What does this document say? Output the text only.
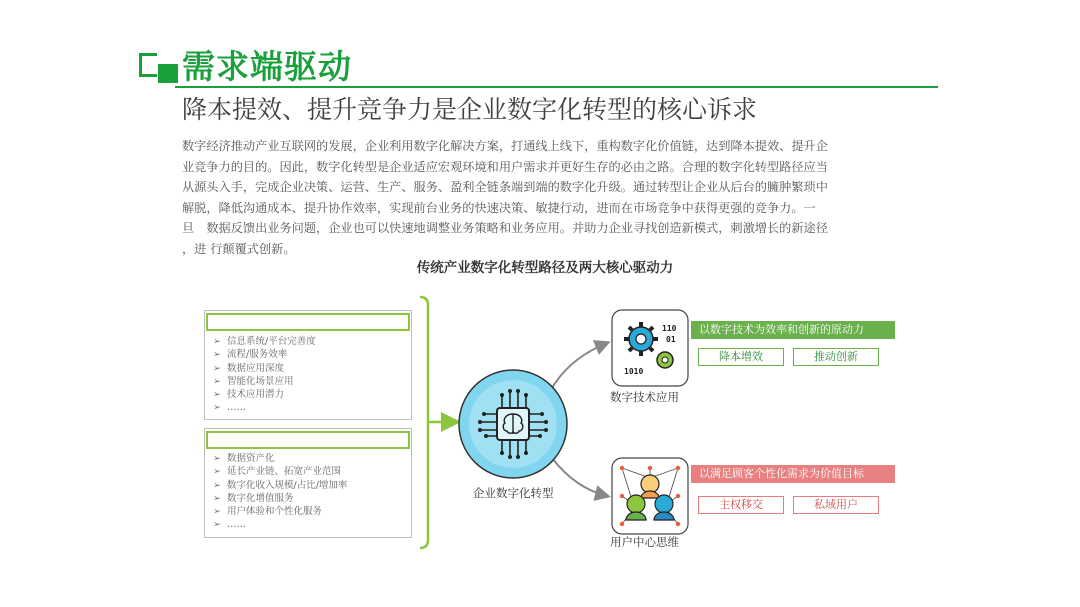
需求端驱动
降本提效、提升竞争力是企业数字化转型的核心诉求

数字经济推动产业互联网的发展，企业利用数字化解决方案，打通线上线下，重构数字化价值链，达到降本提效、提升企

业竞争力的目的。因此，数字化转型是企业适应宏观环境和用户需求并更好生存的必由之路。合理的数字化转型路径应当

从源头入手，完成企业决策、运营、生产、服务、盈利全链条端到端的数字化升级。通过转型让企业从后台的臃肿繁琐中

解脱，降低沟通成本、提升协作效率，实现前台业务的快速决策、敏捷行动，进而在市场竞争中获得更强的竞争力。一

旦　数据反馈出业务问题，企业也可以快速地调整业务策略和业务应用。并助力企业寻找创造新模式，刺激增长的新途径

，进 行颠覆式创新。

传统产业数字化转型路径及两大核心驱动力
➢ 信息系统/平台完善度
➢ 流程/服务效率
➢ 数据应用深度
➢ 智能化场景应用
➢ 技术应用潜力
➢ ……
➢ 数据资产化
➢ 延长产业链、拓宽产业范围
➢ 数字化收入规模/占比/增加率
➢ 数字化增值服务
➢ 用户体验和个性化服务
➢ ……
110
01
1010
企业数字化转型
数字技术应用
用户中心思维
以数字技术为效率和创新的原动力
降本增效	推动创新
以满足顾客个性化需求为价值目标
主权移交	私域用户
